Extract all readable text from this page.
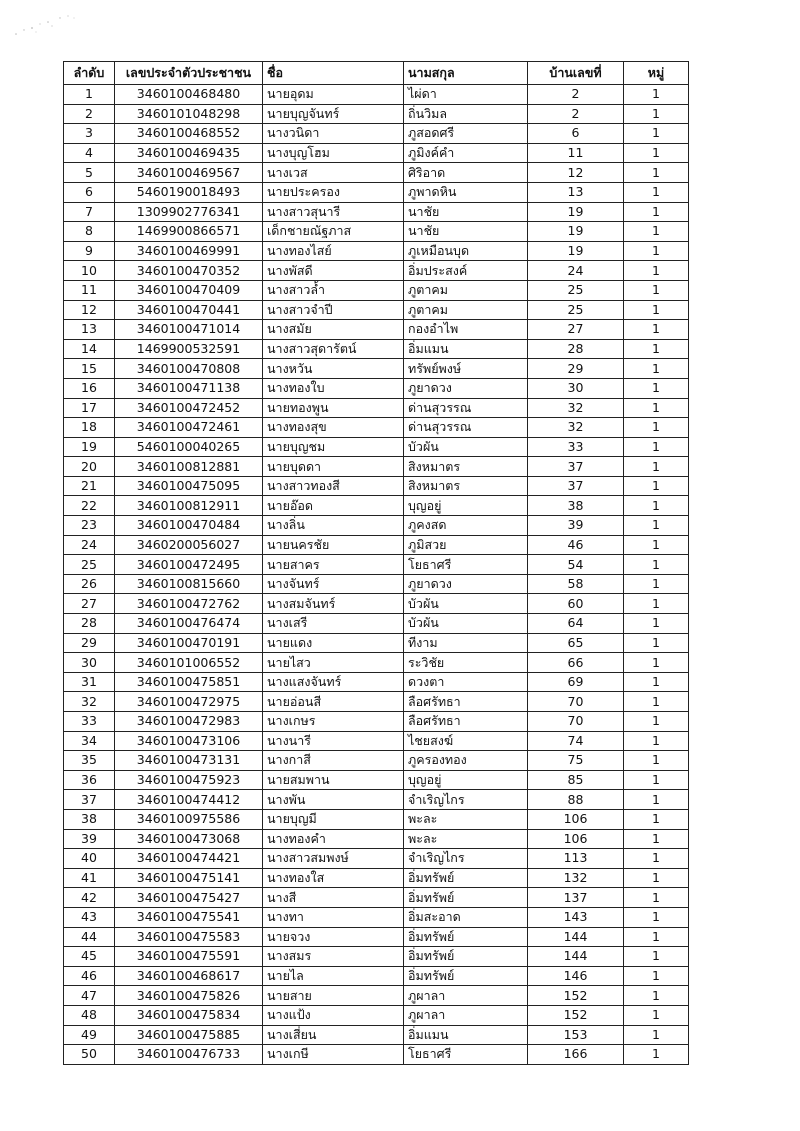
ลำดับ	เลขประจำตัวประชาชน	ชื่อ	นามสกุล	บ้านเลขที่	หมู่
1	3460100468480	นายอุดม	ไผ่ดา	2	1
2	3460101048298	นายบุญจันทร์	ถิ่นวิมล	2	1
3	3460100468552	นางวนิดา	ภูสอดศรี	6	1
4	3460100469435	นางบุญโฮม	ภูมิงค์คำ	11	1
5	3460100469567	นางเวส	ศิริอาด	12	1
6	5460190018493	นายประครอง	ภูพาดหิน	13	1
7	1309902776341	นางสาวสุนารี	นาชัย	19	1
8	1469900866571	เด็กชายณัฐภาส	นาชัย	19	1
9	3460100469991	นางทองไสย์	ภูเหมือนบุด	19	1
10	3460100470352	นางพัสดี	อิ่มประสงค์	24	1
11	3460100470409	นางสาวล้ำ	ภูตาคม	25	1
12	3460100470441	นางสาวจำปี	ภูตาคม	25	1
13	3460100471014	นางสมัย	กองอำไพ	27	1
14	1469900532591	นางสาวสุดารัตน์	อิ่มแมน	28	1
15	3460100470808	นางหวัน	ทรัพย์พงษ์	29	1
16	3460100471138	นางทองใบ	ภูยาดวง	30	1
17	3460100472452	นายทองพูน	ด่านสุวรรณ	32	1
18	3460100472461	นางทองสุข	ด่านสุวรรณ	32	1
19	5460100040265	นายบุญชม	บัวผัน	33	1
20	3460100812881	นายบุดดา	สิงหมาตร	37	1
21	3460100475095	นางสาวทองสี	สิงหมาตร	37	1
22	3460100812911	นายอ๊อด	บุญอยู่	38	1
23	3460100470484	นางลิ่น	ภูคงสด	39	1
24	3460200056027	นายนครชัย	ภูมิสวย	46	1
25	3460100472495	นายสาคร	โยธาศรี	54	1
26	3460100815660	นางจันทร์	ภูยาดวง	58	1
27	3460100472762	นางสมจันทร์	บัวผัน	60	1
28	3460100476474	นางเสรี	บัวผัน	64	1
29	3460100470191	นายแดง	ทีงาม	65	1
30	3460101006552	นายไสว	ระวิชัย	66	1
31	3460100475851	นางแสงจันทร์	ดวงตา	69	1
32	3460100472975	นายอ่อนสี	ลือศรัทธา	70	1
33	3460100472983	นางเกษร	ลือศรัทธา	70	1
34	3460100473106	นางนารี	ไชยสงฆ์	74	1
35	3460100473131	นางกาสี	ภูครองทอง	75	1
36	3460100475923	นายสมพาน	บุญอยู่	85	1
37	3460100474412	นางพัน	จำเริญไกร	88	1
38	3460100975586	นายบุญมี	พะละ	106	1
39	3460100473068	นางทองคำ	พะละ	106	1
40	3460100474421	นางสาวสมพงษ์	จำเริญไกร	113	1
41	3460100475141	นางทองใส	อิ่มทรัพย์	132	1
42	3460100475427	นางสี	อิ่มทรัพย์	137	1
43	3460100475541	นางทา	อิ่มสะอาด	143	1
44	3460100475583	นายจวง	อิ่มทรัพย์	144	1
45	3460100475591	นางสมร	อิ่มทรัพย์	144	1
46	3460100468617	นายไล	อิ่มทรัพย์	146	1
47	3460100475826	นายสาย	ภูผาลา	152	1
48	3460100475834	นางแป้ง	ภูผาลา	152	1
49	3460100475885	นางเสี่ยน	อิ่มแมน	153	1
50	3460100476733	นางเกษี	โยธาศรี	166	1
